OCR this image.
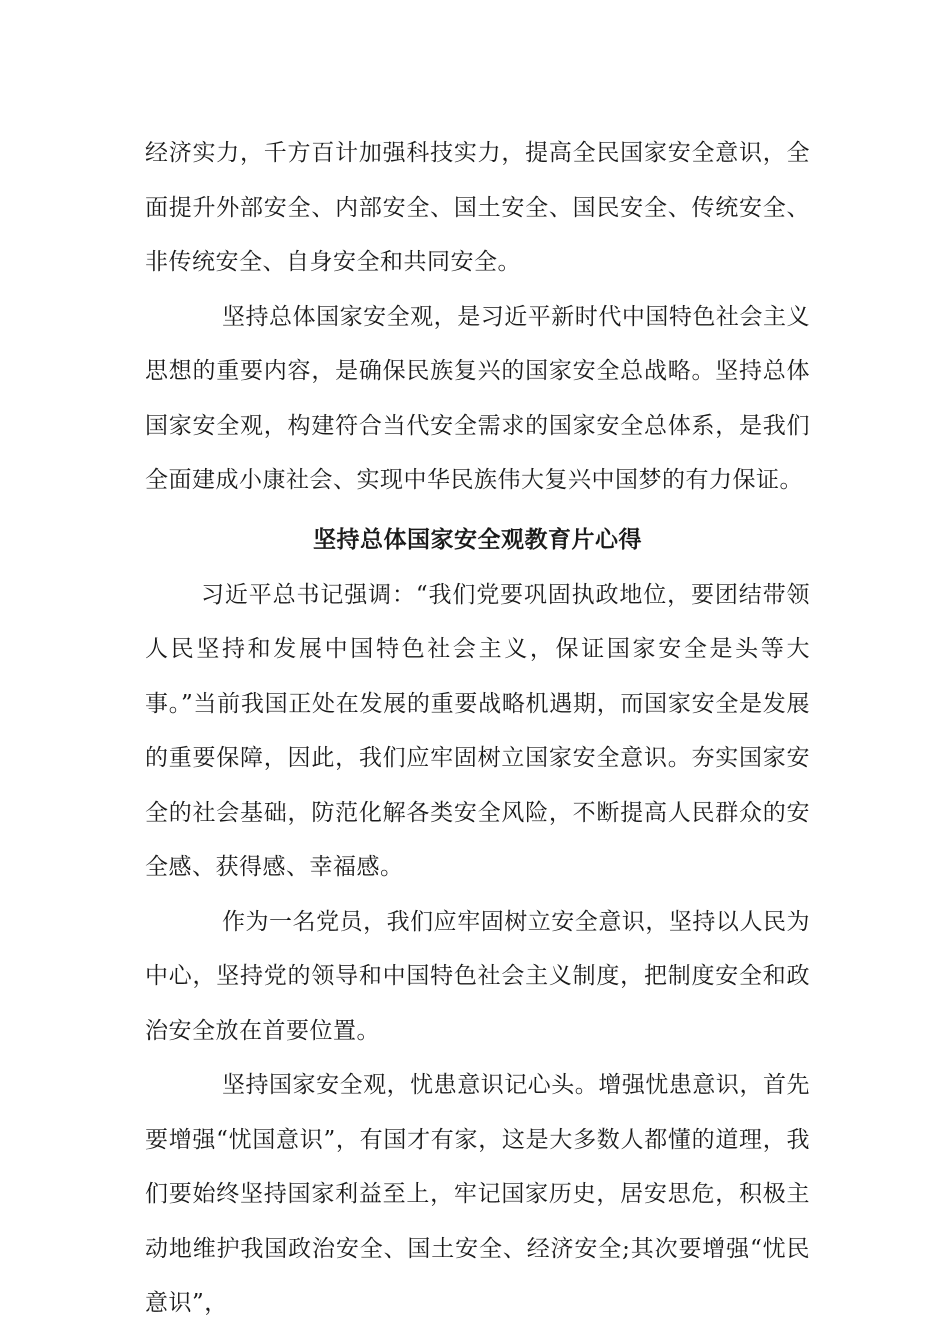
经济实力，千方百计加强科技实力，提高全民国家安全意识，全面提升外部安全、内部安全、国土安全、国民安全、传统安全、非传统安全、自身安全和共同安全。

坚持总体国家安全观，是习近平新时代中国特色社会主义思想的重要内容，是确保民族复兴的国家安全总战略。坚持总体国家安全观，构建符合当代安全需求的国家安全总体系，是我们全面建成小康社会、实现中华民族伟大复兴中国梦的有力保证。

坚持总体国家安全观教育片心得

习近平总书记强调：“我们党要巩固执政地位，要团结带领人民坚持和发展中国特色社会主义，保证国家安全是头等大事。”当前我国正处在发展的重要战略机遇期，而国家安全是发展的重要保障，因此，我们应牢固树立国家安全意识。夯实国家安全的社会基础，防范化解各类安全风险，不断提高人民群众的安全感、获得感、幸福感。

作为一名党员，我们应牢固树立安全意识，坚持以人民为中心，坚持党的领导和中国特色社会主义制度，把制度安全和政治安全放在首要位置。

坚持国家安全观，忧患意识记心头。增强忧患意识，首先要增强“忧国意识”，有国才有家，这是大多数人都懂的道理，我们要始终坚持国家利益至上，牢记国家历史，居安思危，积极主动地维护我国政治安全、国土安全、经济安全;其次要增强“忧民意识”，
